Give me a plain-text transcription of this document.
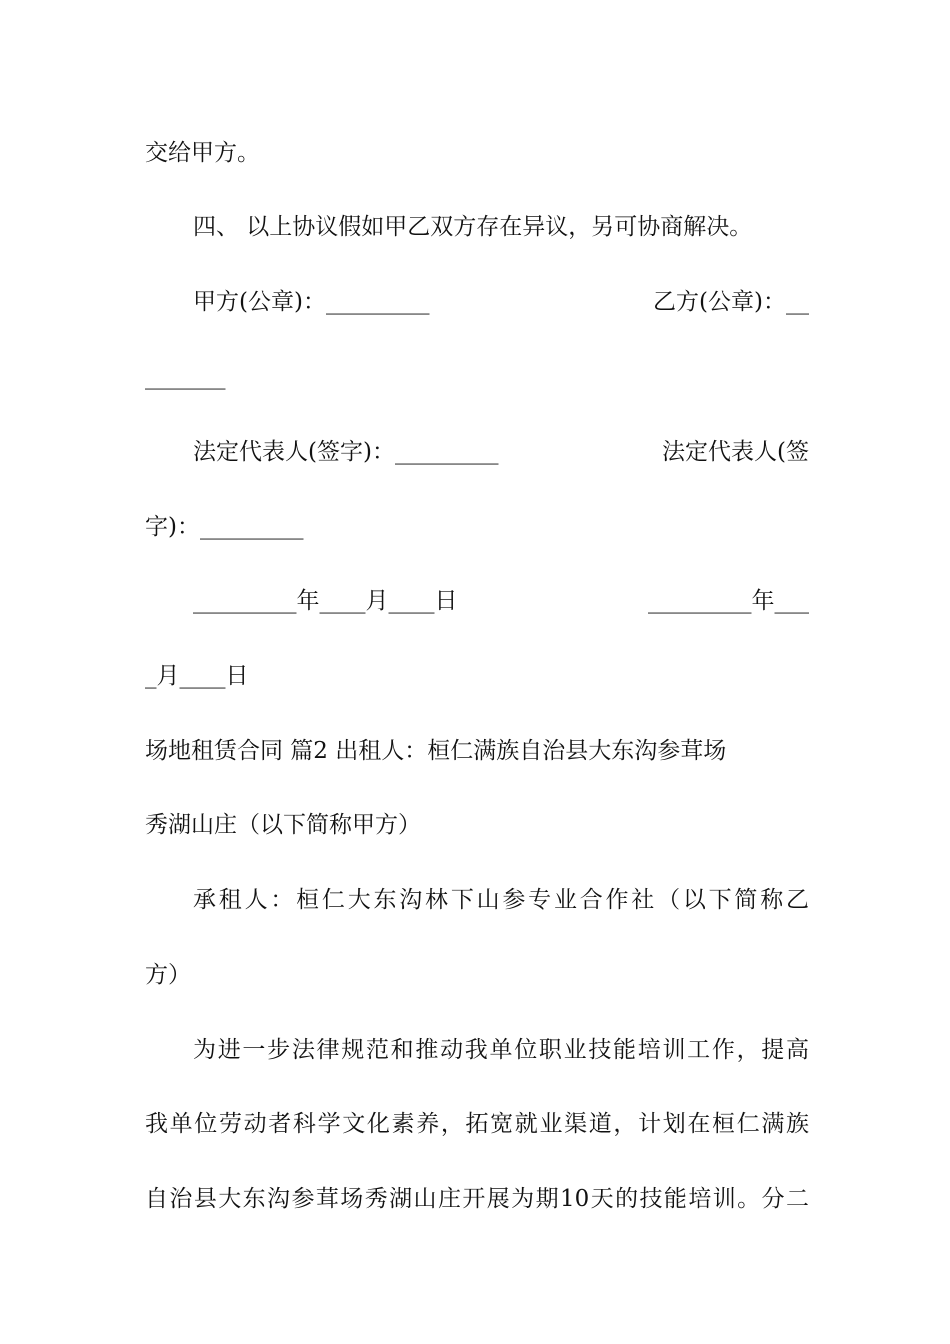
交给甲方。
四、 以上协议假如甲乙双方存在异议，另可协商解决。
甲方(公章)：_________	乙方(公章)：__
_______
法定代表人(签字)：_________	法定代表人(签
字)：_________
_________年____月____日	_________年___
_月____日
场地租赁合同 篇2 出租人：桓仁满族自治县大东沟参茸场
秀湖山庄（以下简称甲方）
承租人：桓仁大东沟林下山参专业合作社（以下简称乙
方）
为进一步法律规范和推动我单位职业技能培训工作，提高
我单位劳动者科学文化素养，拓宽就业渠道，计划在桓仁满族
自治县大东沟参茸场秀湖山庄开展为期10天的技能培训。分二
